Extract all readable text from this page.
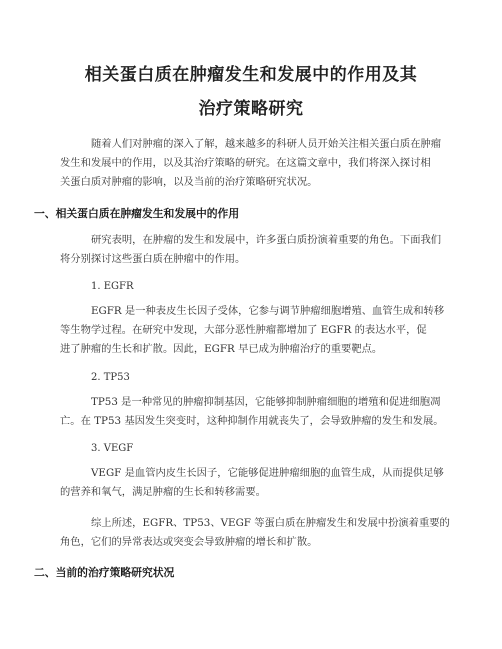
相关蛋白质在肿瘤发生和发展中的作用及其
治疗策略研究
随着人们对肿瘤的深入了解，越来越多的科研人员开始关注相关蛋白质在肿瘤
发生和发展中的作用，以及其治疗策略的研究。在这篇文章中，我们将深入探讨相
关蛋白质对肿瘤的影响，以及当前的治疗策略研究状况。
一、相关蛋白质在肿瘤发生和发展中的作用
研究表明，在肿瘤的发生和发展中，许多蛋白质扮演着重要的角色。下面我们
将分别探讨这些蛋白质在肿瘤中的作用。
1. EGFR
EGFR 是一种表皮生长因子受体，它参与调节肿瘤细胞增殖、血管生成和转移
等生物学过程。在研究中发现，大部分恶性肿瘤都增加了 EGFR 的表达水平，促
进了肿瘤的生长和扩散。因此，EGFR 早已成为肿瘤治疗的重要靶点。
2. TP53
TP53 是一种常见的肿瘤抑制基因，它能够抑制肿瘤细胞的增殖和促进细胞凋
亡。在 TP53 基因发生突变时，这种抑制作用就丧失了，会导致肿瘤的发生和发展。
3. VEGF
VEGF 是血管内皮生长因子，它能够促进肿瘤细胞的血管生成，从而提供足够
的营养和氧气，满足肿瘤的生长和转移需要。
综上所述，EGFR、TP53、VEGF 等蛋白质在肿瘤发生和发展中扮演着重要的
角色，它们的异常表达或突变会导致肿瘤的增长和扩散。
二、当前的治疗策略研究状况
